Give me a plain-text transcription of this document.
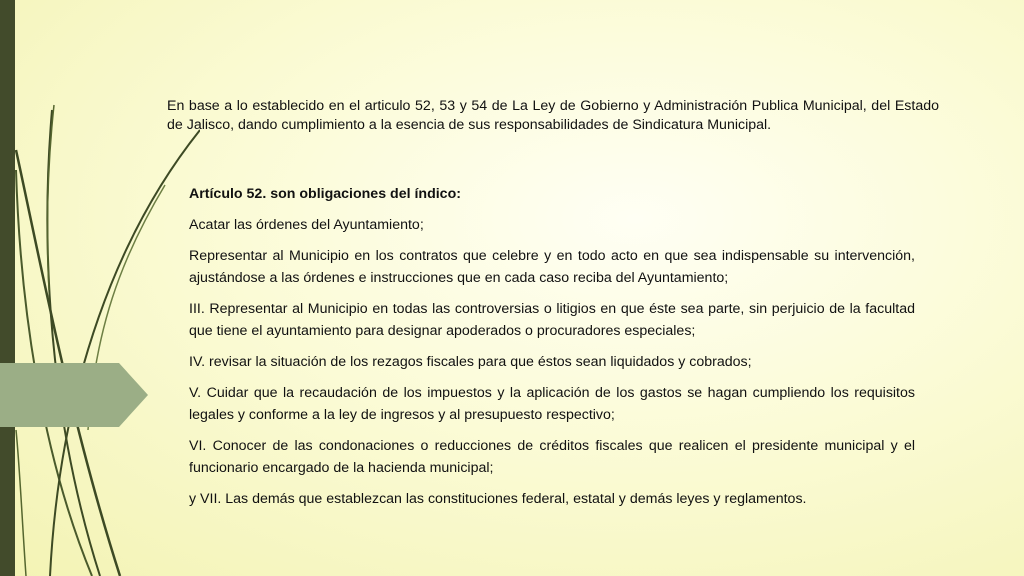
En base a lo establecido en el articulo 52, 53 y 54 de La Ley de Gobierno y Administración Publica Municipal, del Estado de Jalisco, dando cumplimiento a la esencia de sus responsabilidades de Sindicatura Municipal.

Artículo 52. son obligaciones del índico:

Acatar las órdenes del Ayuntamiento;

Representar al Municipio en los contratos que celebre y en todo acto en que sea indispensable su intervención, ajustándose a las órdenes e instrucciones que en cada caso reciba del Ayuntamiento;

III. Representar al Municipio en todas las controversias o litigios en que éste sea parte, sin perjuicio de la facultad que tiene el ayuntamiento para designar apoderados o procuradores especiales;

IV. revisar la situación de los rezagos fiscales para que éstos sean liquidados y cobrados;

V. Cuidar que la recaudación de los impuestos y la aplicación de los gastos se hagan cumpliendo los requisitos legales y conforme a la ley de ingresos y al presupuesto respectivo;

VI. Conocer de las condonaciones o reducciones de créditos fiscales que realicen el presidente municipal y el funcionario encargado de la hacienda municipal;

y VII. Las demás que establezcan las constituciones federal, estatal y demás leyes y reglamentos.
